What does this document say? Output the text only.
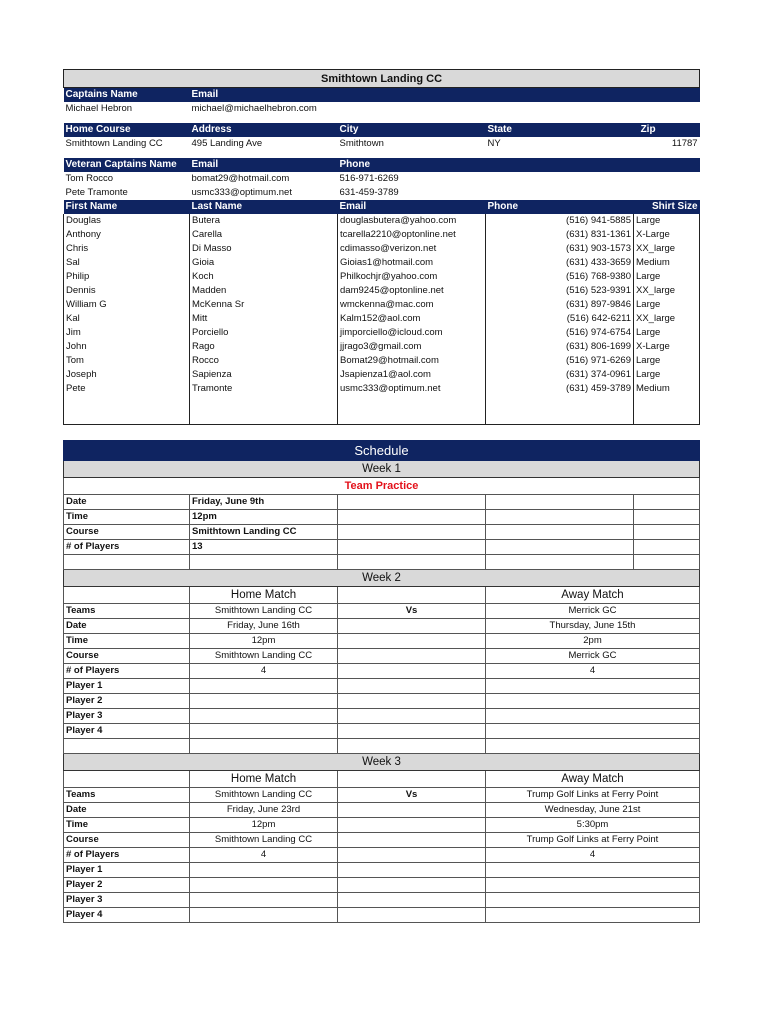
Smithtown Landing CC					
Captains Name	Email				
Michael Hebron	michael@michaelhebron.com				

Home Course	Address	City	State	Zip	
Smithtown Landing CC	495 Landing Ave	Smithtown	NY	11787	

Veteran Captains Name	Email	Phone			
Tom Rocco	bomat29@hotmail.com	516-971-6269			
Pete Tramonte	usmc333@optimum.net	631-459-3789			
First Name	Last Name	Email	Phone		Shirt Size
Douglas	Butera	douglasbutera@yahoo.com		(516) 941-5885	Large
Anthony	Carella	tcarella2210@optonline.net		(631) 831-1361	X-Large
Chris	Di Masso	cdimasso@verizon.net		(631) 903-1573	XX_large
Sal	Gioia	Gioias1@hotmail.com		(631) 433-3659	Medium
Philip	Koch	Philkochjr@yahoo.com		(516) 768-9380	Large
Dennis	Madden	dam9245@optonline.net		(516) 523-9391	XX_large
William G	McKenna Sr	wmckenna@mac.com		(631) 897-9846	Large
Kal	Mitt	Kalm152@aol.com		(516) 642-6211	XX_large
Jim	Porciello	jimporciello@icloud.com		(516) 974-6754	Large
John	Rago	jjrago3@gmail.com		(631) 806-1699	X-Large
Tom	Rocco	Bomat29@hotmail.com		(516) 971-6269	Large
Joseph	Sapienza	Jsapienza1@aol.com		(631) 374-0961	Large
Pete	Tramonte	usmc333@optimum.net		(631) 459-3789	Medium

Schedule				
Week 1				
Team Practice				
Date	Friday, June 9th			
Time	12pm			
Course	Smithtown Landing CC			
# of Players	13			

Week 2				
	Home Match		Away Match	
Teams	Smithtown Landing CC	Vs	Merrick GC	
Date	Friday, June 16th		Thursday, June 15th	
Time	12pm		2pm	
Course	Smithtown Landing CC		Merrick GC	
# of Players	4		4	
Player 1				
Player 2				
Player 3				
Player 4				

Week 3				
	Home Match		Away Match	
Teams	Smithtown Landing CC	Vs	Trump Golf Links at Ferry Point	
Date	Friday, June 23rd		Wednesday, June 21st	
Time	12pm		5:30pm	
Course	Smithtown Landing CC		Trump Golf Links at Ferry Point	
# of Players	4		4	
Player 1				
Player 2				
Player 3				
Player 4				
